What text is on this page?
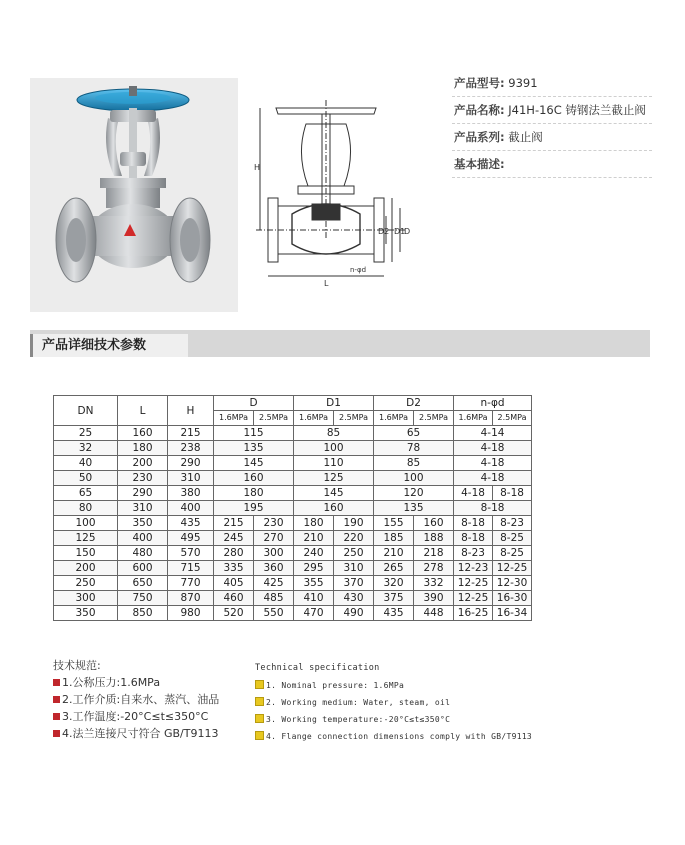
H
L
D2 D1
D
n-φd
产品型号: 9391
产品名称: J41H-16C 铸钢法兰截止阀
产品系列: 截止阀
基本描述:
产品详细技术参数
DN	L	H	D		D1		D2		n-φd	
			1.6MPa	2.5MPa	1.6MPa	2.5MPa	1.6MPa	2.5MPa	1.6MPa	2.5MPa
25	160	215	115		85		65		4-14	
32	180	238	135		100		78		4-18	
40	200	290	145		110		85		4-18	
50	230	310	160		125		100		4-18	
65	290	380	180		145		120		4-18	8-18
80	310	400	195		160		135		8-18	
100	350	435	215	230	180	190	155	160	8-18	8-23
125	400	495	245	270	210	220	185	188	8-18	8-25
150	480	570	280	300	240	250	210	218	8-23	8-25
200	600	715	335	360	295	310	265	278	12-23	12-25
250	650	770	405	425	355	370	320	332	12-25	12-30
300	750	870	460	485	410	430	375	390	12-25	16-30
350	850	980	520	550	470	490	435	448	16-25	16-34
技术规范:
1.公称压力:1.6MPa
2.工作介质:自来水、蒸汽、油品
3.工作温度:-20°C≤t≤350°C
4.法兰连接尺寸符合 GB/T9113
Technical specification
1. Nominal pressure: 1.6MPa
2. Working medium: Water, steam, oil
3. Working temperature:-20°C≤t≤350°C
4. Flange connection dimensions comply with GB/T9113
